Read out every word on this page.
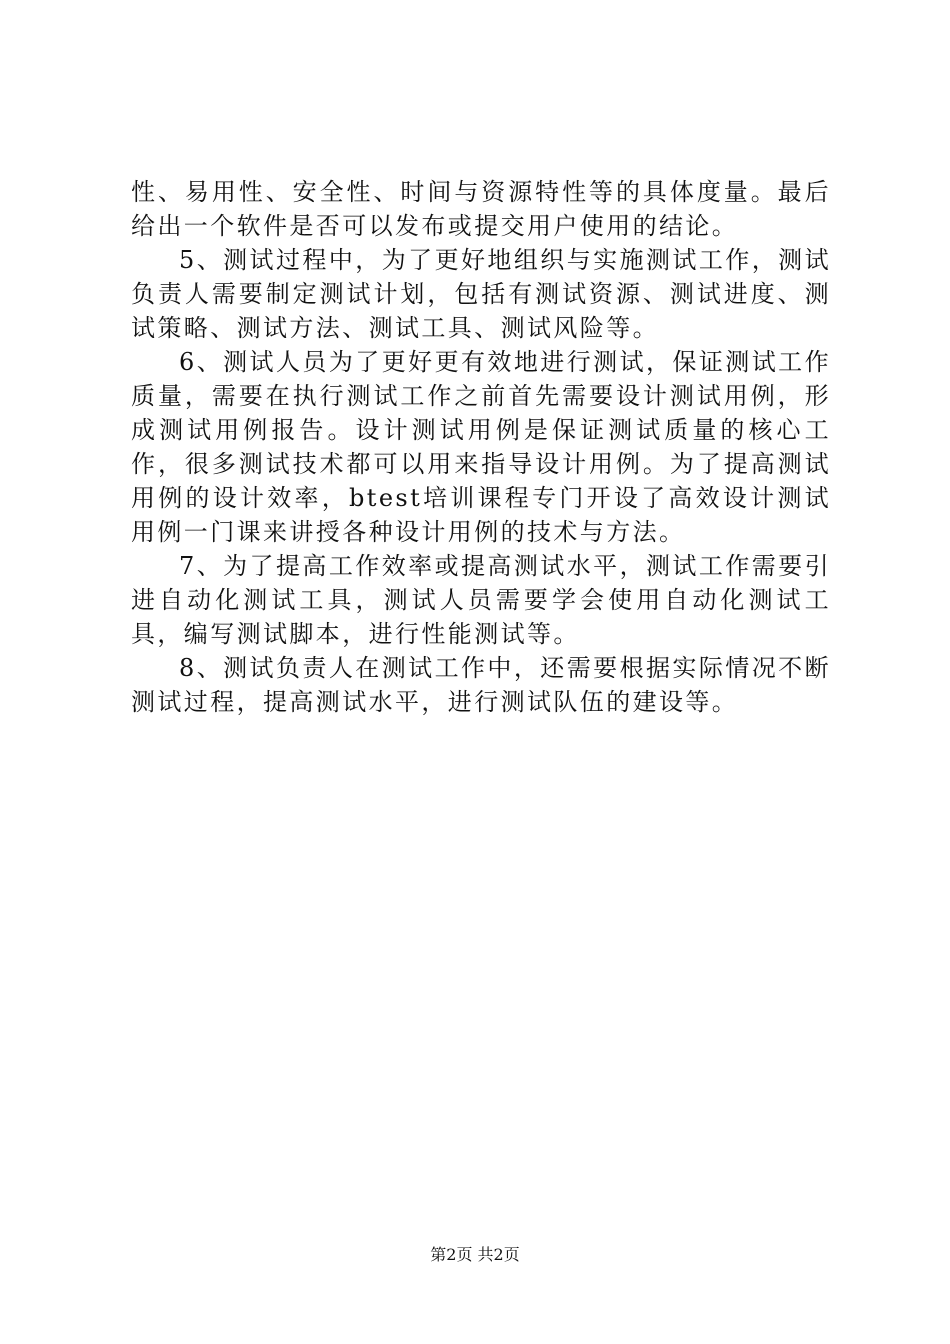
性、易用性、安全性、时间与资源特性等的具体度量。最后给出一个软件是否可以发布或提交用户使用的结论。

5、测试过程中，为了更好地组织与实施测试工作，测试负责人需要制定测试计划，包括有测试资源、测试进度、测试策略、测试方法、测试工具、测试风险等。

6、测试人员为了更好更有效地进行测试，保证测试工作质量，需要在执行测试工作之前首先需要设计测试用例，形成测试用例报告。设计测试用例是保证测试质量的核心工作，很多测试技术都可以用来指导设计用例。为了提高测试用例的设计效率，btest培训课程专门开设了高效设计测试用例一门课来讲授各种设计用例的技术与方法。

7、为了提高工作效率或提高测试水平，测试工作需要引进自动化测试工具，测试人员需要学会使用自动化测试工具，编写测试脚本，进行性能测试等。

8、测试负责人在测试工作中，还需要根据实际情况不断测试过程，提高测试水平，进行测试队伍的建设等。

第2页 共2页
